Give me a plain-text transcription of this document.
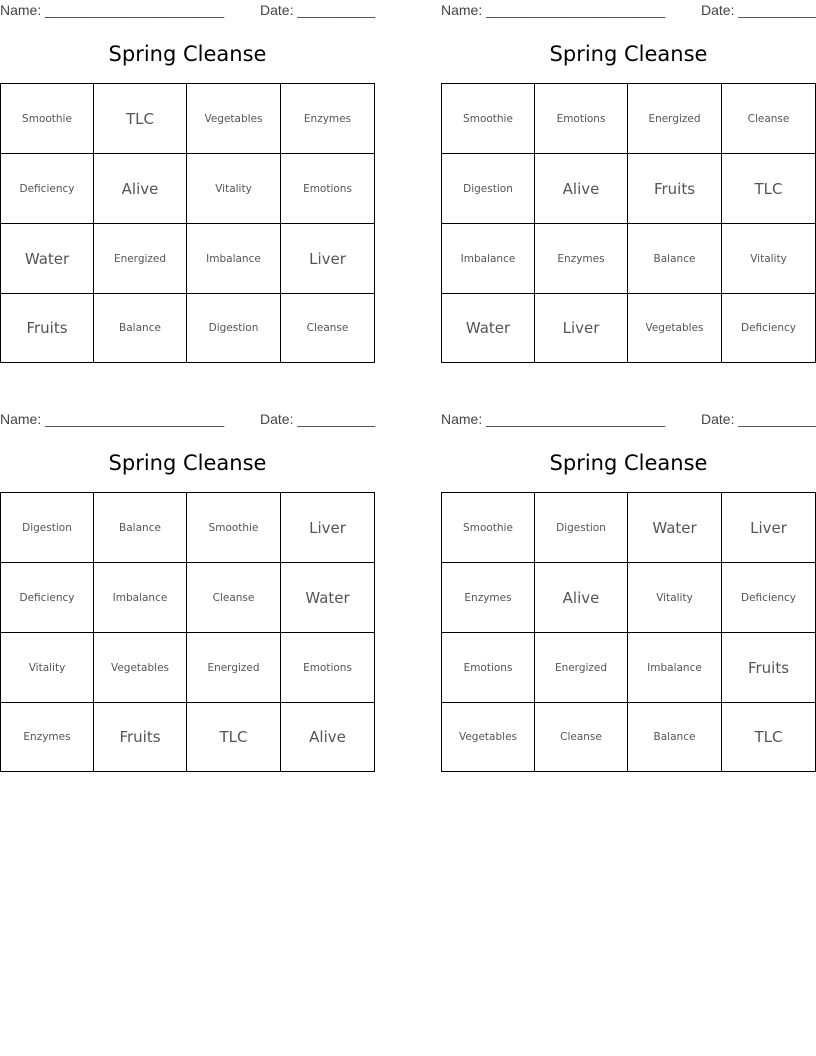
Name: _______________________	Date: __________
Spring Cleanse
Smoothie	TLC	Vegetables	Enzymes
Deficiency	Alive	Vitality	Emotions
Water	Energized	Imbalance	Liver
Fruits	Balance	Digestion	Cleanse
Name: _______________________	Date: __________
Spring Cleanse
Smoothie	Emotions	Energized	Cleanse
Digestion	Alive	Fruits	TLC
Imbalance	Enzymes	Balance	Vitality
Water	Liver	Vegetables	Deficiency
Name: _______________________	Date: __________
Spring Cleanse
Digestion	Balance	Smoothie	Liver
Deficiency	Imbalance	Cleanse	Water
Vitality	Vegetables	Energized	Emotions
Enzymes	Fruits	TLC	Alive
Name: _______________________	Date: __________
Spring Cleanse
Smoothie	Digestion	Water	Liver
Enzymes	Alive	Vitality	Deficiency
Emotions	Energized	Imbalance	Fruits
Vegetables	Cleanse	Balance	TLC
